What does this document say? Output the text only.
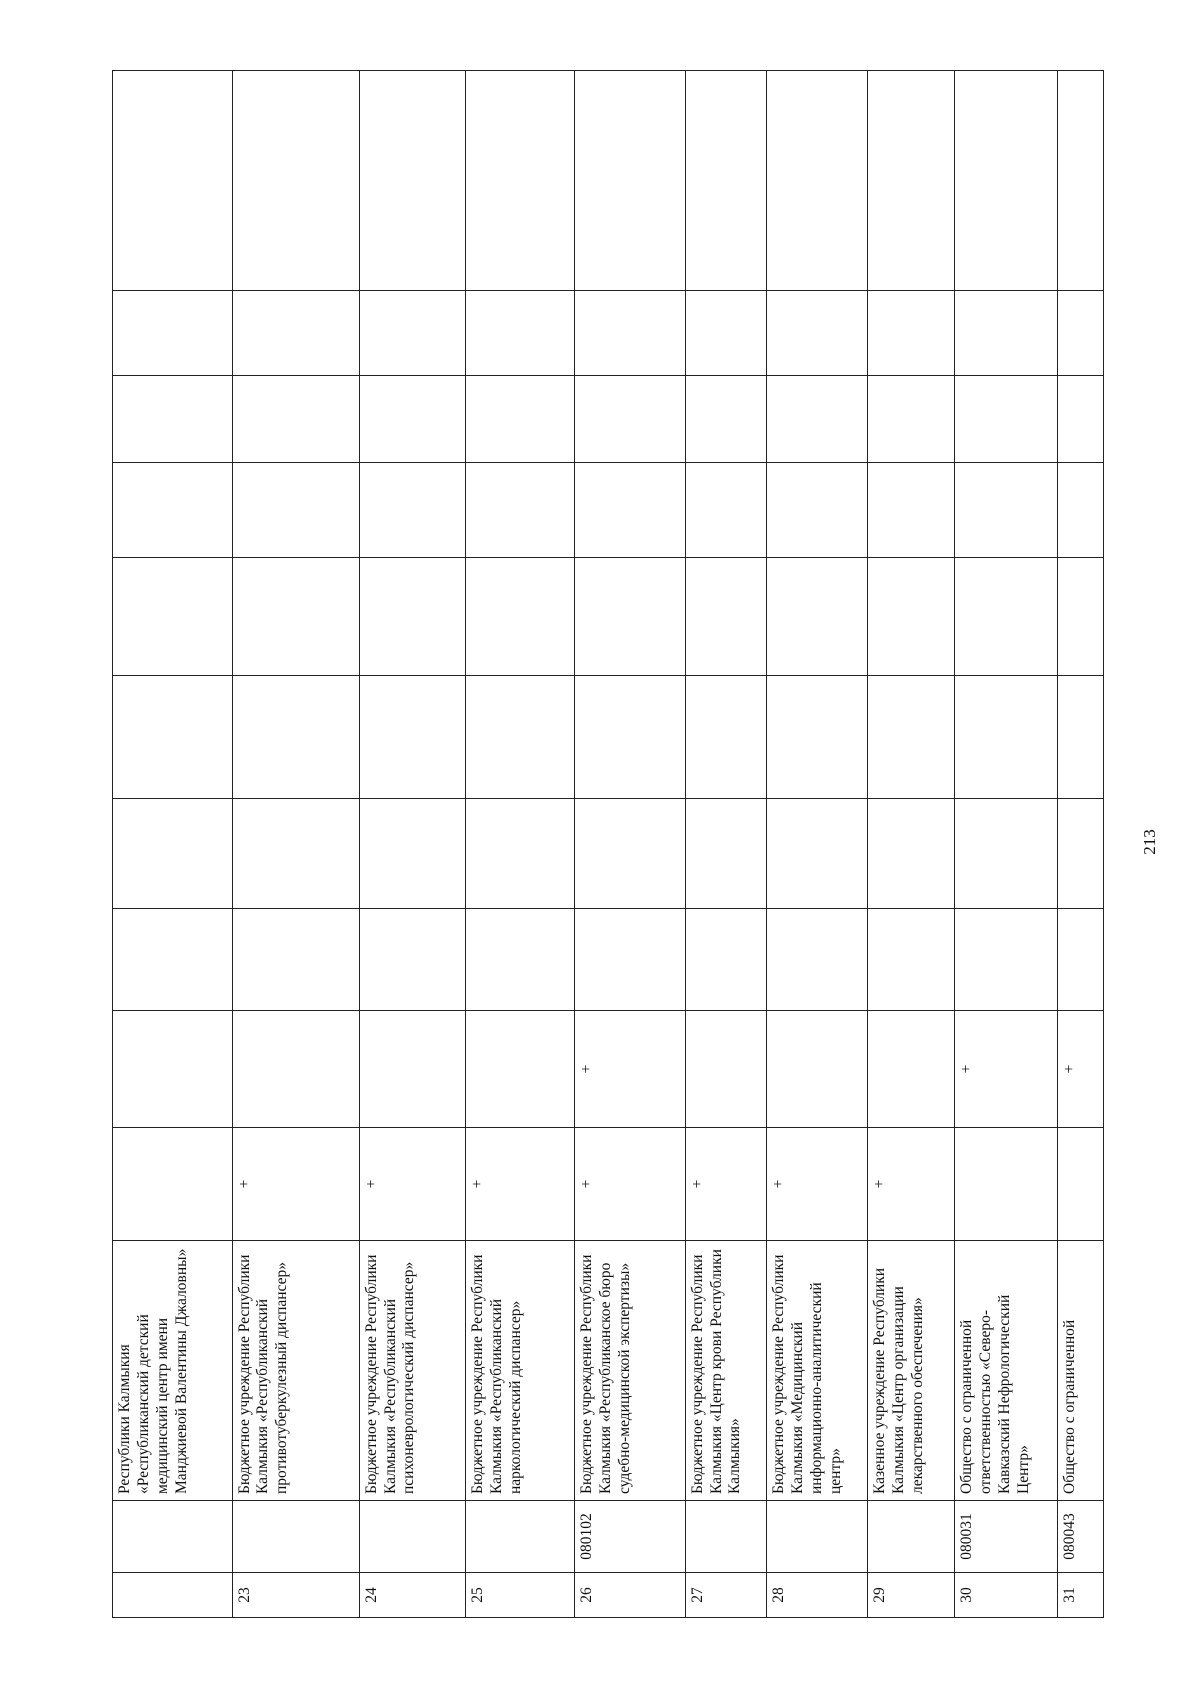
213
		Республики Калмыкия «Республиканский детский медицинский центр имени Манджиевой Валентины Джаловны»											
23		Бюджетное учреждение Республики Калмыкия «Республиканский противотуберкулезный диспансер»	+										
24		Бюджетное учреждение Республики Калмыкия «Республиканский психоневрологический диспансер»	+										
25		Бюджетное учреждение Республики Калмыкия «Республиканский наркологический диспансер»	+										
26	080102	Бюджетное учреждение Республики Калмыкия «Республиканское бюро судебно-медицинской экспертизы»	+	+									
27		Бюджетное учреждение Республики Калмыкия «Центр крови Республики Калмыкия»	+										
28		Бюджетное учреждение Республики Калмыкия «Медицинский информационно-аналитический центр»	+										
29		Казенное учреждение Республики Калмыкия «Центр организации лекарственного обеспечения»	+										
30	080031	Общество с ограниченной ответственностью «Северо-Кавказский Нефрологический Центр»		+									
31	080043	Общество с ограниченной		+									
